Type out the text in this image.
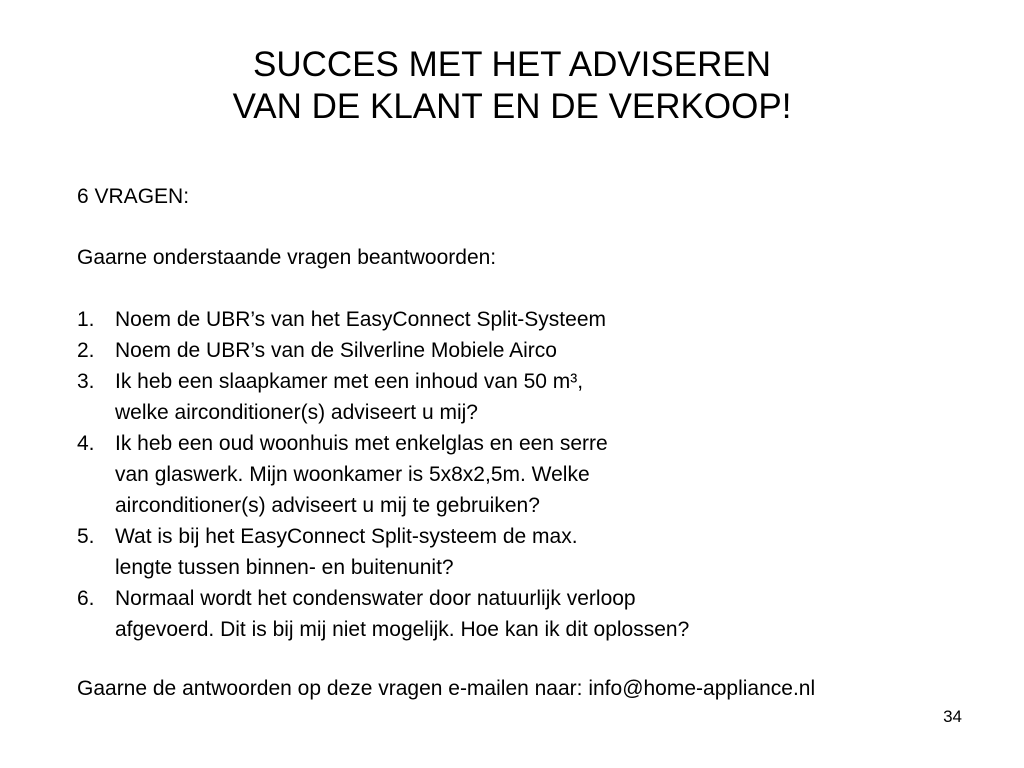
SUCCES MET HET ADVISEREN
VAN DE KLANT EN DE VERKOOP!
6 VRAGEN:
Gaarne onderstaande vragen beantwoorden:
1. Noem de UBR’s van het EasyConnect Split-Systeem
2. Noem de UBR’s van de Silverline Mobiele Airco
3. Ik heb een slaapkamer met een inhoud van 50 m³,
welke airconditioner(s) adviseert u mij?
4. Ik heb een oud woonhuis met enkelglas en een serre
van glaswerk. Mijn woonkamer is 5x8x2,5m. Welke
airconditioner(s) adviseert u mij te gebruiken?
5. Wat is bij het EasyConnect Split-systeem de max.
lengte tussen binnen- en buitenunit?
6. Normaal wordt het condenswater door natuurlijk verloop
afgevoerd. Dit is bij mij niet mogelijk. Hoe kan ik dit oplossen?
Gaarne de antwoorden op deze vragen e-mailen naar: info@home-appliance.nl
34
